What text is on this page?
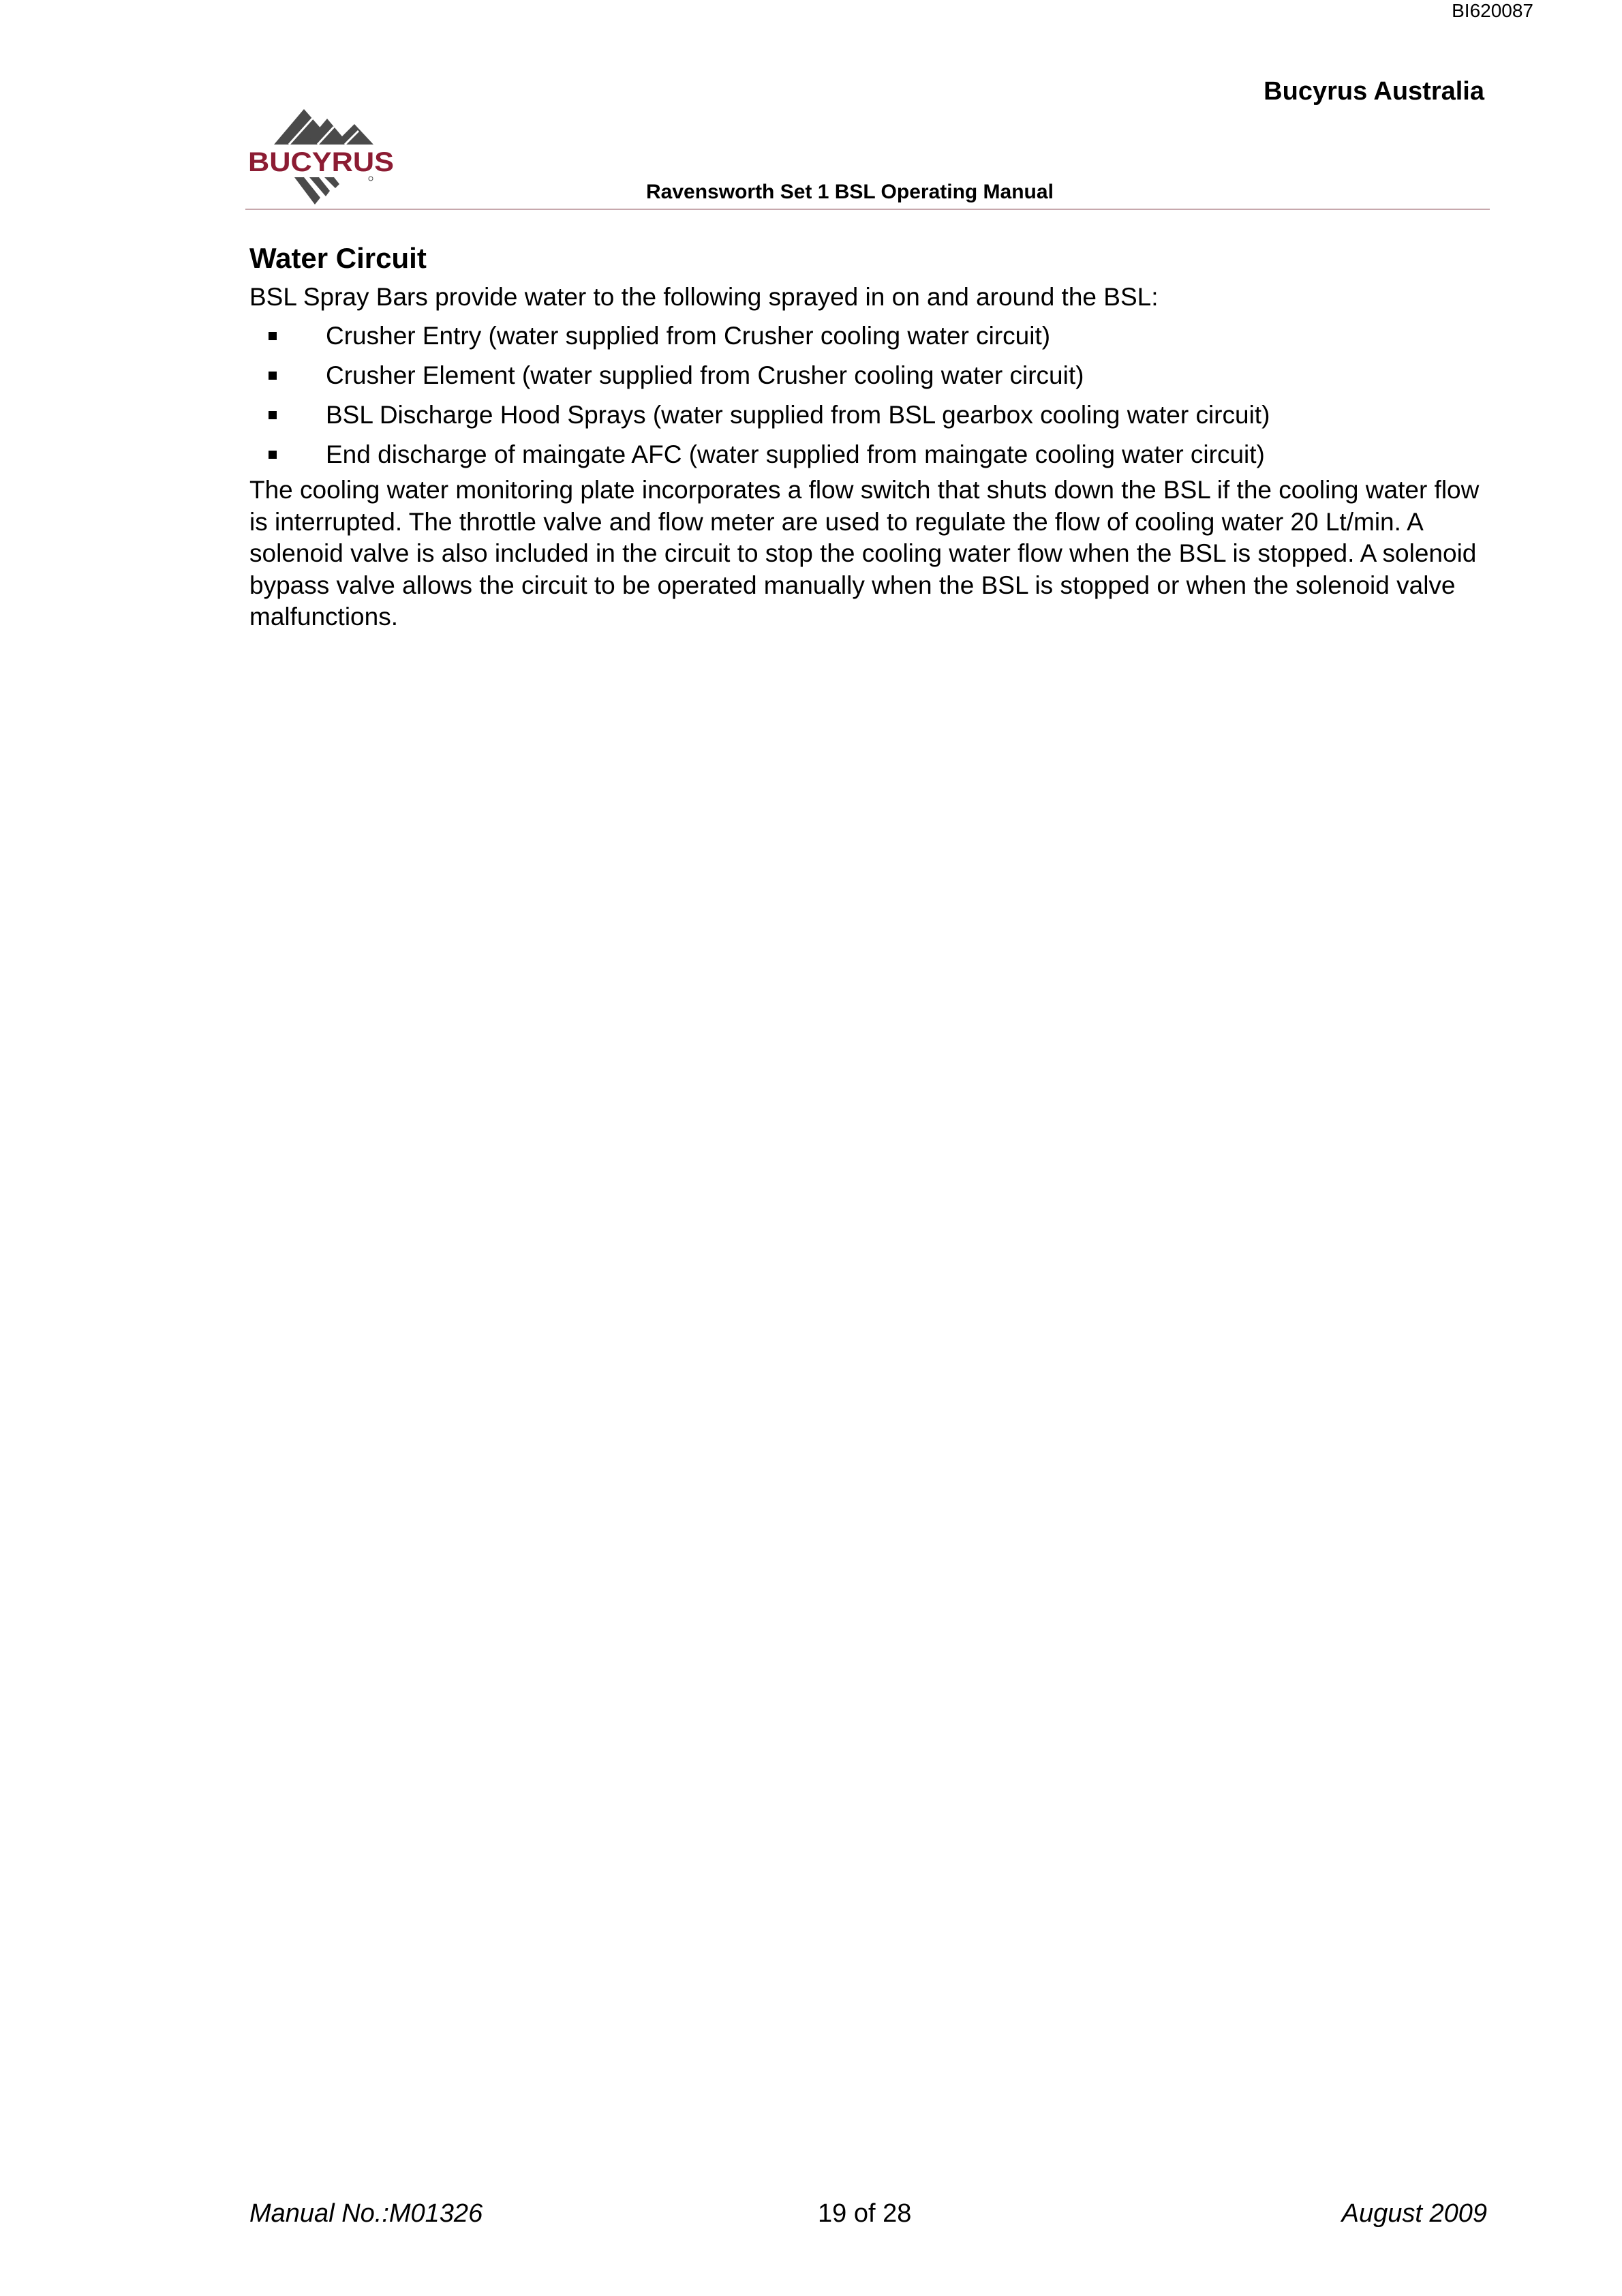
BI620087
Bucyrus Australia
BUCYRUS
Ravensworth Set 1 BSL Operating Manual
Water Circuit

BSL Spray Bars provide water to the following sprayed in on and around the BSL:

Crusher Entry (water supplied from Crusher cooling water circuit)
Crusher Element (water supplied from Crusher cooling water circuit)
BSL Discharge Hood Sprays (water supplied from BSL gearbox cooling water circuit)
End discharge of maingate AFC (water supplied from maingate cooling water circuit)

The cooling water monitoring plate incorporates a flow switch that shuts down the BSL if the cooling water flow is interrupted. The throttle valve and flow meter are used to regulate the flow of cooling water 20 Lt/min. A solenoid valve is also included in the circuit to stop the cooling water flow when the BSL is stopped. A solenoid bypass valve allows the circuit to be operated manually when the BSL is stopped or when the solenoid valve malfunctions.

Manual No.:M01326	19 of 28	August 2009
